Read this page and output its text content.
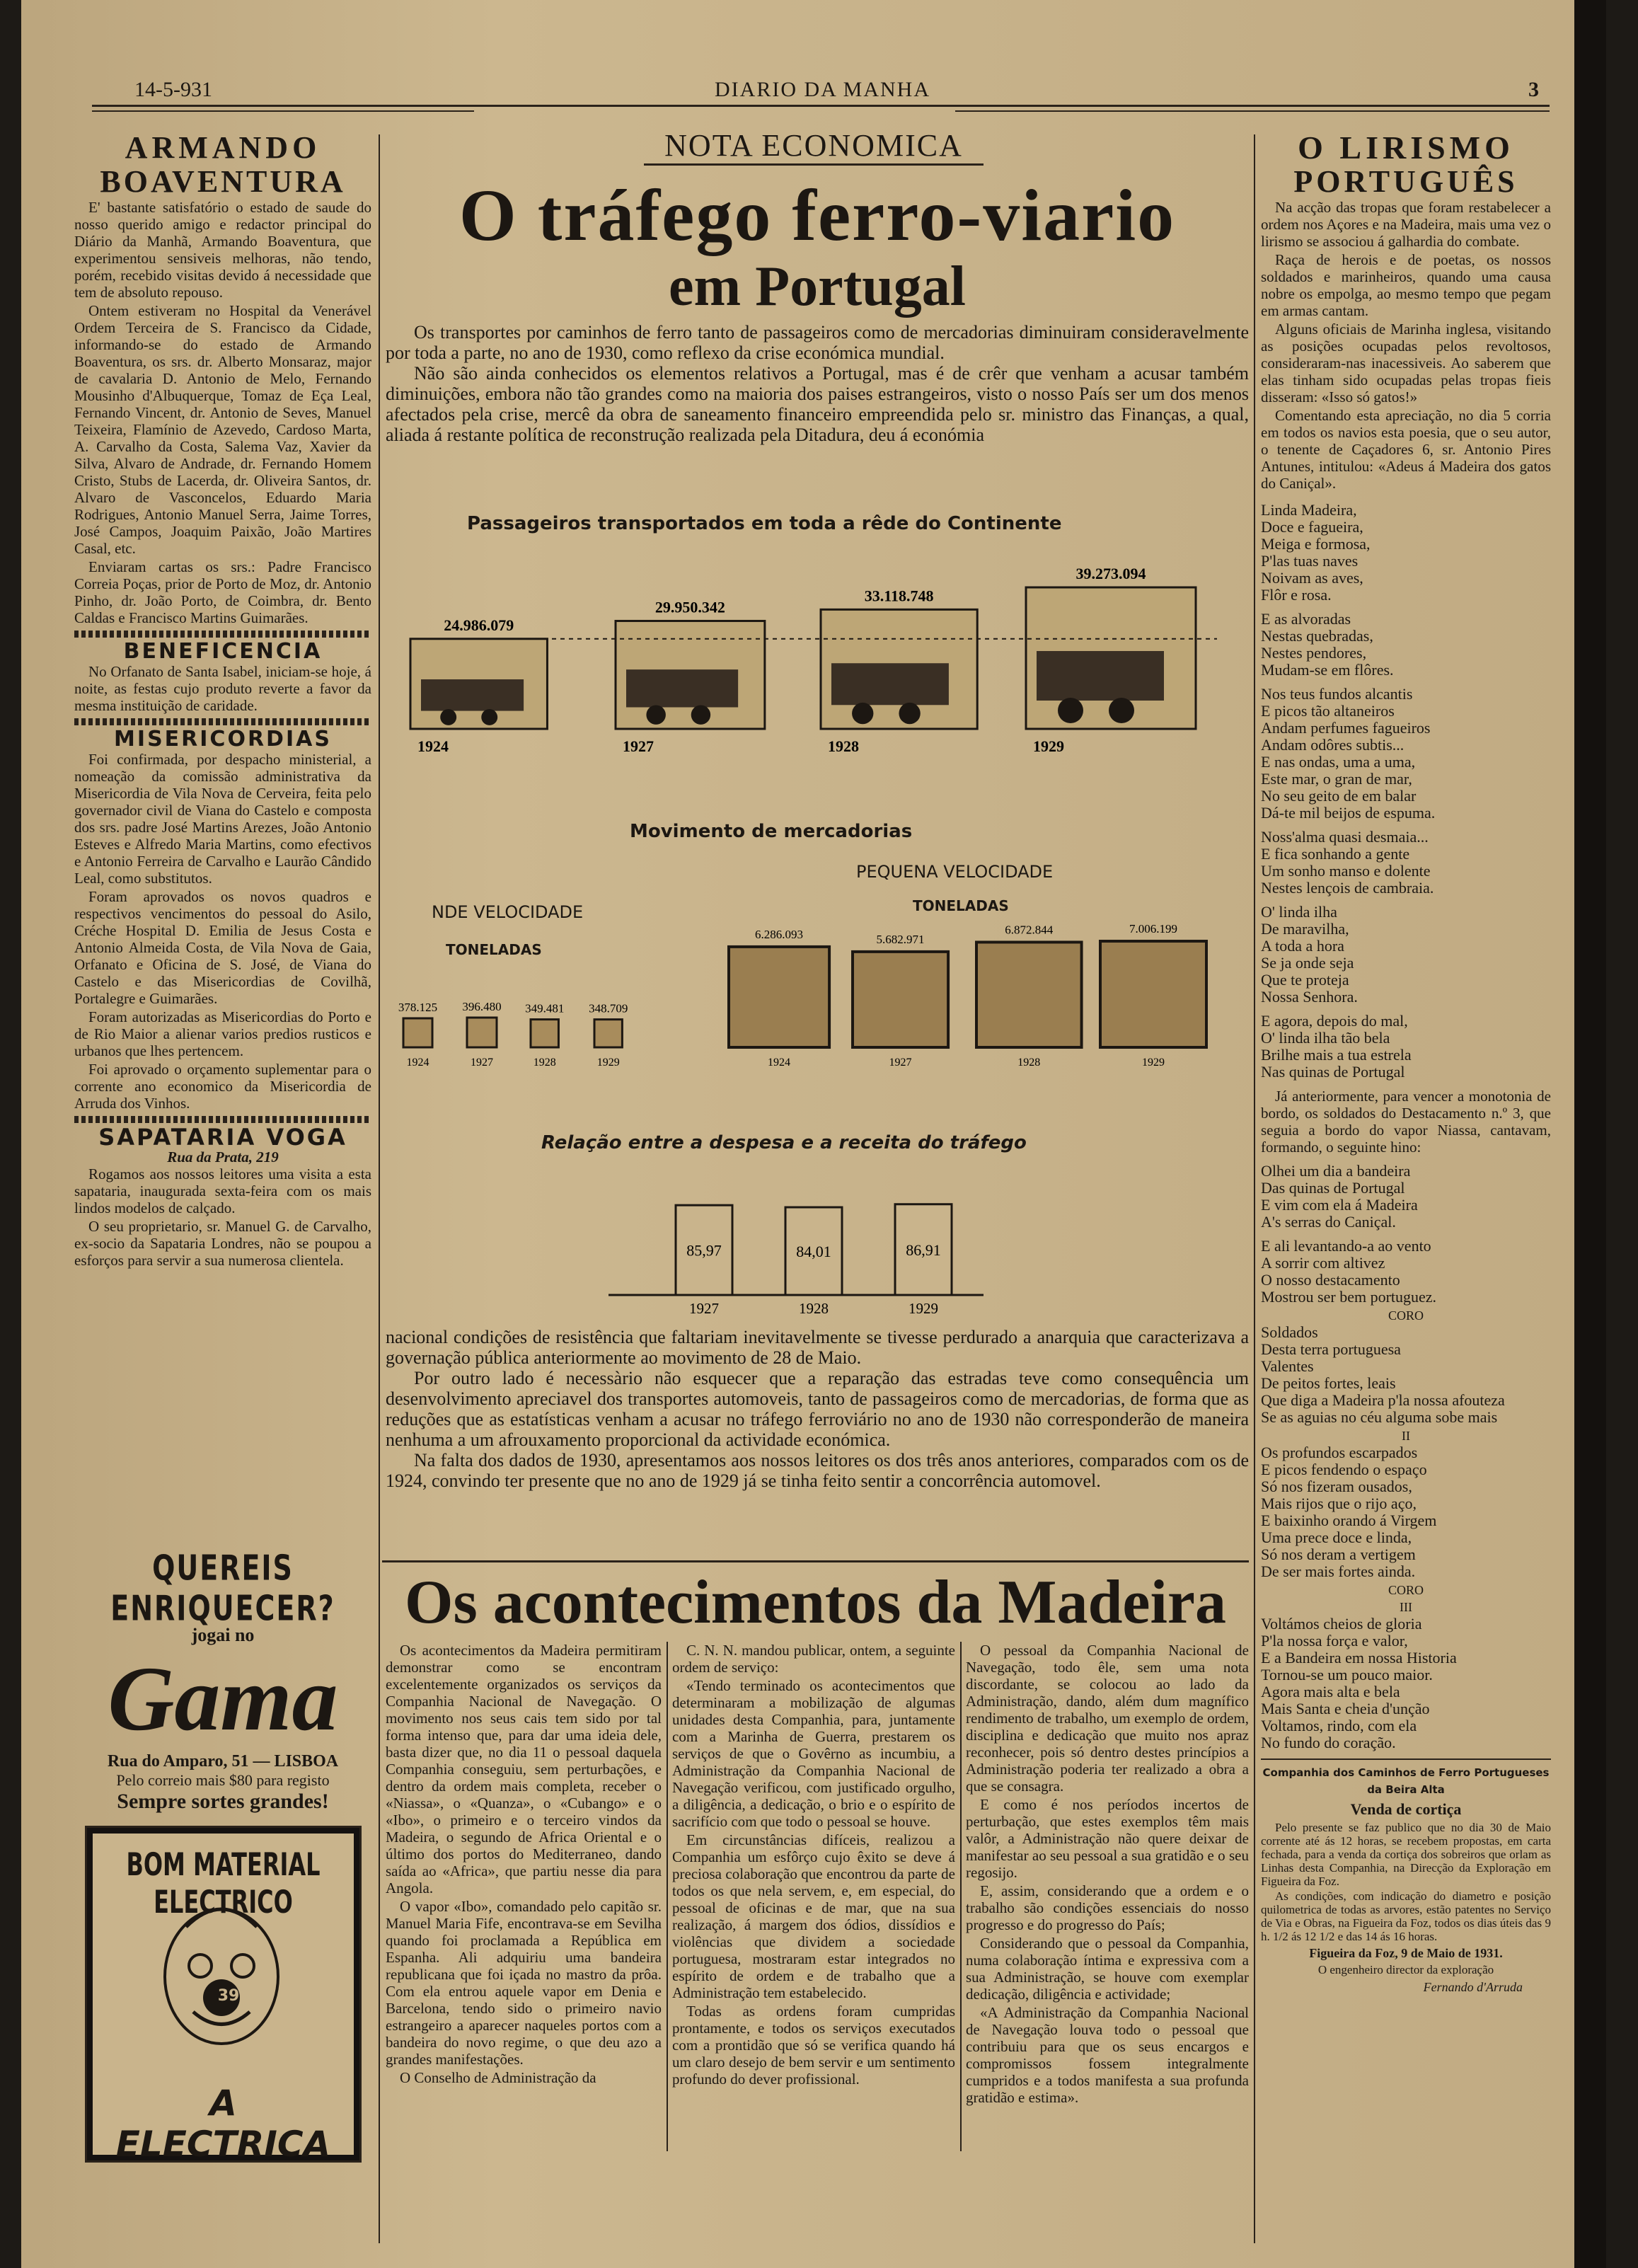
14-5-931	DIARIO DA MANHA	3
ARMANDO
BOAVENTURA

E' bastante satisfatório o estado de saude do nosso querido amigo e redactor principal do Diário da Manhã, Armando Boaventura, que experimentou sensiveis melhoras, não tendo, porém, recebido visitas devido á necessidade que tem de absoluto repouso.

Ontem estiveram no Hospital da Venerável Ordem Terceira de S. Francisco da Cidade, informando-se do estado de Armando Boaventura, os srs. dr. Alberto Monsaraz, major de cavalaria D. Antonio de Melo, Fernando Mousinho d'Albuquerque, Tomaz de Eça Leal, Fernando Vincent, dr. Antonio de Seves, Manuel Teixeira, Flamínio de Azevedo, Cardoso Marta, A. Carvalho da Costa, Salema Vaz, Xavier da Silva, Alvaro de Andrade, dr. Fernando Homem Cristo, Stubs de Lacerda, dr. Oliveira Santos, dr. Alvaro de Vasconcelos, Eduardo Maria Rodrigues, Antonio Manuel Serra, Jaime Torres, José Campos, Joaquim Paixão, João Martires Casal, etc.

Enviaram cartas os srs.: Padre Francisco Correia Poças, prior de Porto de Moz, dr. Antonio Pinho, dr. João Porto, de Coimbra, dr. Bento Caldas e Francisco Martins Guimarães.

BENEFICENCIA

No Orfanato de Santa Isabel, iniciam-se hoje, á noite, as festas cujo produto reverte a favor da mesma instituição de caridade.

MISERICORDIAS

Foi confirmada, por despacho ministerial, a nomeação da comissão administrativa da Misericordia de Vila Nova de Cerveira, feita pelo governador civil de Viana do Castelo e composta dos srs. padre José Martins Arezes, João Antonio Esteves e Alfredo Maria Martins, como efectivos e Antonio Ferreira de Carvalho e Laurão Cândido Leal, como substitutos.

Foram aprovados os novos quadros e respectivos vencimentos do pessoal do Asilo, Créche Hospital D. Emilia de Jesus Costa e Antonio Almeida Costa, de Vila Nova de Gaia, Orfanato e Oficina de S. José, de Viana do Castelo e das Misericordias de Covilhã, Portalegre e Guimarães.

Foram autorizadas as Misericordias do Porto e de Rio Maior a alienar varios predios rusticos e urbanos que lhes pertencem.

Foi aprovado o orçamento suplementar para o corrente ano economico da Misericordia de Arruda dos Vinhos.

SAPATARIA VOGA
Rua da Prata, 219

Rogamos aos nossos leitores uma visita a esta sapataria, inaugurada sexta-feira com os mais lindos modelos de calçado.

O seu proprietario, sr. Manuel G. de Carvalho, ex-socio da Sapataria Londres, não se poupou a esforços para servir a sua numerosa clientela.

QUEREIS ENRIQUECER?
jogai no
Gama
Rua do Amparo, 51 — LISBOA
Pelo correio mais $80 para registo
Sempre sortes grandes!
BOM MATERIAL ELECTRICO
39
A ELECTRICA
NOTA ECONOMICA
O tráfego ferro-viario
em Portugal

Os transportes por caminhos de ferro tanto de passageiros como de mercadorias diminuiram consideravelmente por toda a parte, no ano de 1930, como reflexo da crise económica mundial.

Não são ainda conhecidos os elementos relativos a Portugal, mas é de crêr que venham a acusar também diminuições, embora não tão grandes como na maioria dos paises estrangeiros, visto o nosso País ser um dos menos afectados pela crise, mercê da obra de saneamento financeiro empreendida pelo sr. ministro das Finanças, a qual, aliada á restante política de reconstrução realizada pela Ditadura, deu á económia

Passageiros transportados em toda a rêde do Continente
24.986.079
1924
29.950.342
1927
33.118.748
1928
39.273.094
1929
Movimento de mercadorias
NDE VELOCIDADE
TONELADAS
PEQUENA VELOCIDADE
TONELADAS
378.125
1924
396.480
1927
349.481
1928
348.709
1929
6.286.093
1924
5.682.971
1927
6.872.844
1928
7.006.199
1929
Relação entre a despesa e a receita do tráfego
85,97
1927
84,01
1928
86,91
1929

nacional condições de resistência que faltariam inevitavelmente se tivesse perdurado a anarquia que caracterizava a governação pública anteriormente ao movimento de 28 de Maio.

Por outro lado é necessàrio não esquecer que a reparação das estradas teve como consequência um desenvolvimento apreciavel dos transportes automoveis, tanto de passageiros como de mercadorias, de forma que as reduções que as estatísticas venham a acusar no tráfego ferroviário no ano de 1930 não corresponderão de maneira nenhuma a um afrouxamento proporcional da actividade económica.

Na falta dos dados de 1930, apresentamos aos nossos leitores os dos três anos anteriores, comparados com os de 1924, convindo ter presente que no ano de 1929 já se tinha feito sentir a concorrência automovel.

Os acontecimentos da Madeira

Os acontecimentos da Madeira permitiram demonstrar como se encontram excelentemente organizados os serviços da Companhia Nacional de Navegação. O movimento nos seus cais tem sido por tal forma intenso que, para dar uma ideia dele, basta dizer que, no dia 11 o pessoal daquela Companhia conseguiu, sem perturbações, e dentro da ordem mais completa, receber o «Niassa», o «Quanza», o «Cubango» e o «Ibo», o primeiro e o terceiro vindos da Madeira, o segundo de Africa Oriental e o último dos portos do Mediterraneo, dando saída ao «Africa», que partiu nesse dia para Angola.

O vapor «Ibo», comandado pelo capitão sr. Manuel Maria Fife, encontrava-se em Sevilha quando foi proclamada a República em Espanha. Ali adquiriu uma bandeira republicana que foi içada no mastro da prôa. Com ela entrou aquele vapor em Denia e Barcelona, tendo sido o primeiro navio estrangeiro a aparecer naqueles portos com a bandeira do novo regime, o que deu azo a grandes manifestações.

O Conselho de Administração da

C. N. N. mandou publicar, ontem, a seguinte ordem de serviço:

«Tendo terminado os acontecimentos que determinaram a mobilização de algumas unidades desta Companhia, para, juntamente com a Marinha de Guerra, prestarem os serviços de que o Govêrno as incumbiu, a Administração da Companhia Nacional de Navegação verificou, com justificado orgulho, a diligência, a dedicação, o brio e o espírito de sacrifício com que todo o pessoal se houve.

Em circunstâncias difíceis, realizou a Companhia um esfôrço cujo êxito se deve á preciosa colaboração que encontrou da parte de todos os que nela servem, e, em especial, do pessoal de oficinas e de mar, que na sua realização, á margem dos ódios, dissídios e violências que dividem a sociedade portuguesa, mostraram estar integrados no espírito de ordem e de trabalho que a Administração tem estabelecido.

Todas as ordens foram cumpridas prontamente, e todos os serviços executados com a prontidão que só se verifica quando há um claro desejo de bem servir e um sentimento profundo do dever profissional.

O pessoal da Companhia Nacional de Navegação, todo êle, sem uma nota discordante, se colocou ao lado da Administração, dando, além dum magnífico rendimento de trabalho, um exemplo de ordem, disciplina e dedicação que muito nos apraz reconhecer, pois só dentro destes princípios a Administração poderia ter realizado a obra a que se consagra.

E como é nos períodos incertos de perturbação, que estes exemplos têm mais valôr, a Administração não quere deixar de manifestar ao seu pessoal a sua gratidão e o seu regosijo.

E, assim, considerando que a ordem e o trabalho são condições essenciais do nosso progresso e do progresso do País;

Considerando que o pessoal da Companhia, numa colaboração íntima e expressiva com a sua Administração, se houve com exemplar dedicação, diligência e actividade;

«A Administração da Companhia Nacional de Navegação louva todo o pessoal que contribuiu para que os seus encargos e compromissos fossem integralmente cumpridos e a todos manifesta a sua profunda gratidão e estima».

O LIRISMO
PORTUGUÊS

Na acção das tropas que foram restabelecer a ordem nos Açores e na Madeira, mais uma vez o lirismo se associou á galhardia do combate.

Raça de herois e de poetas, os nossos soldados e marinheiros, quando uma causa nobre os empolga, ao mesmo tempo que pegam em armas cantam.

Alguns oficiais de Marinha inglesa, visitando as posições ocupadas pelos revoltosos, consideraram-nas inacessiveis. Ao saberem que elas tinham sido ocupadas pelas tropas fieis disseram: «Isso só gatos!»

Comentando esta apreciação, no dia 5 corria em todos os navios esta poesia, que o seu autor, o tenente de Caçadores 6, sr. Antonio Pires Antunes, intitulou: «Adeus á Madeira dos gatos do Caniçal».

Linda Madeira,
Doce e fagueira,
Meiga e formosa,
P'las tuas naves
Noivam as aves,
Flôr e rosa.
E as alvoradas
Nestas quebradas,
Nestes pendores,
Mudam-se em flôres.
Nos teus fundos alcantis
E picos tão altaneiros
Andam perfumes fagueiros
Andam odôres subtis...
E nas ondas, uma a uma,
Este mar, o gran de mar,
No seu geito de em balar
Dá-te mil beijos de espuma.
Noss'alma quasi desmaia...
E fica sonhando a gente
Um sonho manso e dolente
Nestes lençois de cambraia.
O' linda ilha
De maravilha,
A toda a hora
Se ja onde seja
Que te proteja
Nossa Senhora.
E agora, depois do mal,
O' linda ilha tão bela
Brilhe mais a tua estrela
Nas quinas de Portugal

Já anteriormente, para vencer a monotonia de bordo, os soldados do Destacamento n.º 3, que seguia a bordo do vapor Niassa, cantavam, formando, o seguinte hino:

Olhei um dia a bandeira
Das quinas de Portugal
E vim com ela á Madeira
A's serras do Caniçal.
E ali levantando-a ao vento
A sorrir com altivez
O nosso destacamento
Mostrou ser bem portuguez.
CORO
Soldados
Desta terra portuguesa
Valentes
De peitos fortes, leais
Que diga a Madeira p'la nossa afouteza
Se as aguias no céu alguma sobe mais
II
Os profundos escarpados
E picos fendendo o espaço
Só nos fizeram ousados,
Mais rijos que o rijo aço,
E baixinho orando á Virgem
Uma prece doce e linda,
Só nos deram a vertigem
De ser mais fortes ainda.
CORO
III
Voltámos cheios de gloria
P'la nossa força e valor,
E a Bandeira em nossa Historia
Tornou-se um pouco maior.
Agora mais alta e bela
Mais Santa e cheia d'unção
Voltamos, rindo, com ela
No fundo do coração.
Companhia dos Caminhos de Ferro Portugueses da Beira Alta
Venda de cortiça

Pelo presente se faz publico que no dia 30 de Maio corrente até ás 12 horas, se recebem propostas, em carta fechada, para a venda da cortiça dos sobreiros que orlam as Linhas desta Companhia, na Direcção da Exploração em Figueira da Foz.

As condições, com indicação do diametro e posição quilometrica de todas as arvores, estão patentes no Serviço de Via e Obras, na Figueira da Foz, todos os dias úteis das 9 h. 1/2 ás 12 1/2 e das 14 ás 16 horas.

Figueira da Foz, 9 de Maio de 1931.
O engenheiro director da exploração
Fernando d'Arruda
